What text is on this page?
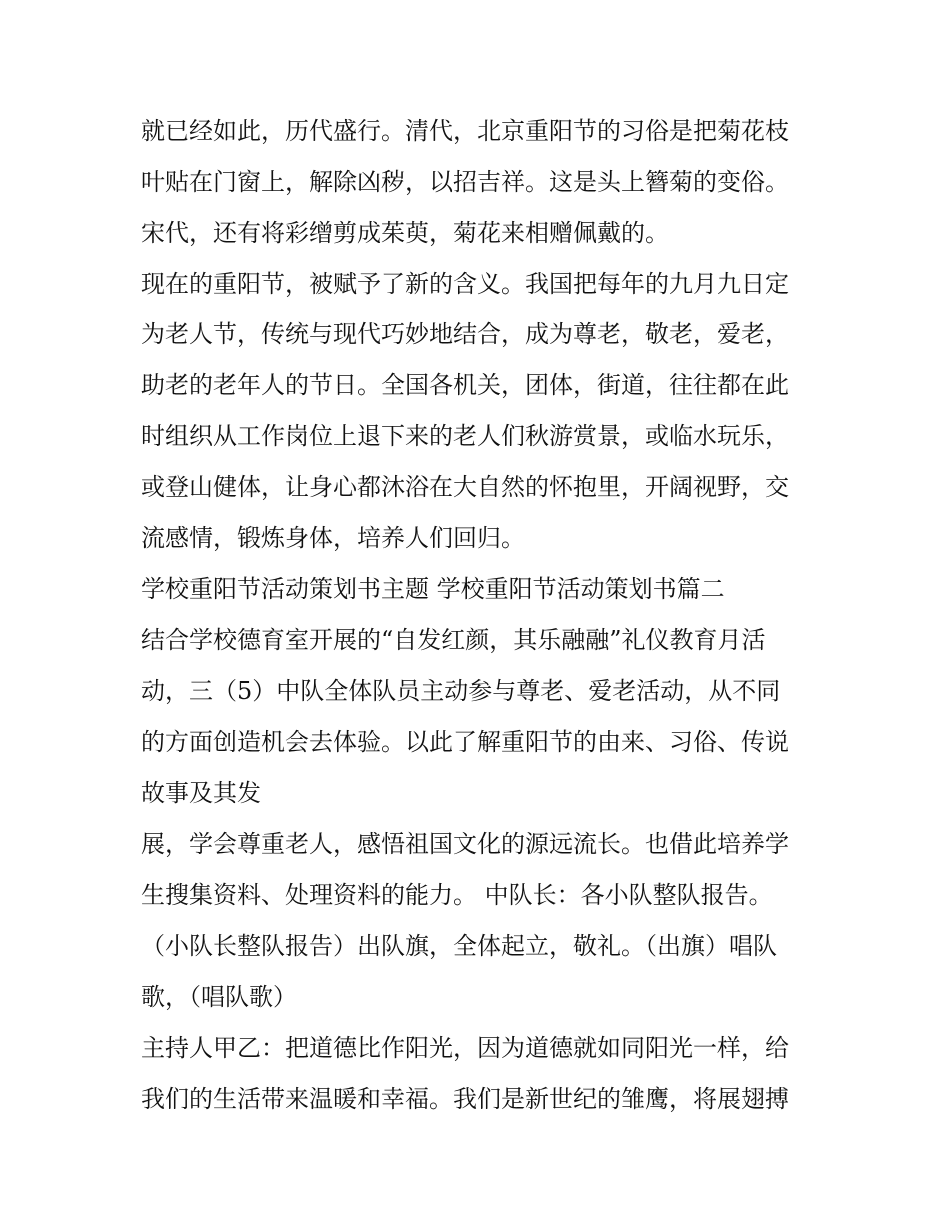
就已经如此，历代盛行。清代，北京重阳节的习俗是把菊花枝
叶贴在门窗上，解除凶秽，以招吉祥。这是头上簪菊的变俗。
宋代，还有将彩缯剪成茱萸，菊花来相赠佩戴的。
现在的重阳节，被赋予了新的含义。我国把每年的九月九日定
为老人节，传统与现代巧妙地结合，成为尊老，敬老，爱老，
助老的老年人的节日。全国各机关，团体，街道，往往都在此
时组织从工作岗位上退下来的老人们秋游赏景，或临水玩乐，
或登山健体，让身心都沐浴在大自然的怀抱里，开阔视野，交
流感情，锻炼身体，培养人们回归。
学校重阳节活动策划书主题 学校重阳节活动策划书篇二
结合学校德育室开展的“自发红颜，其乐融融”礼仪教育月活
动，三（5）中队全体队员主动参与尊老、爱老活动，从不同
的方面创造机会去体验。以此了解重阳节的由来、习俗、传说
故事及其发
展，学会尊重老人，感悟祖国文化的源远流长。也借此培养学
生搜集资料、处理资料的能力。 中队长：各小队整队报告。
（小队长整队报告）出队旗，全体起立，敬礼。（出旗）唱队
歌，（唱队歌）
主持人甲乙：把道德比作阳光，因为道德就如同阳光一样，给
我们的生活带来温暖和幸福。我们是新世纪的雏鹰，将展翅搏
